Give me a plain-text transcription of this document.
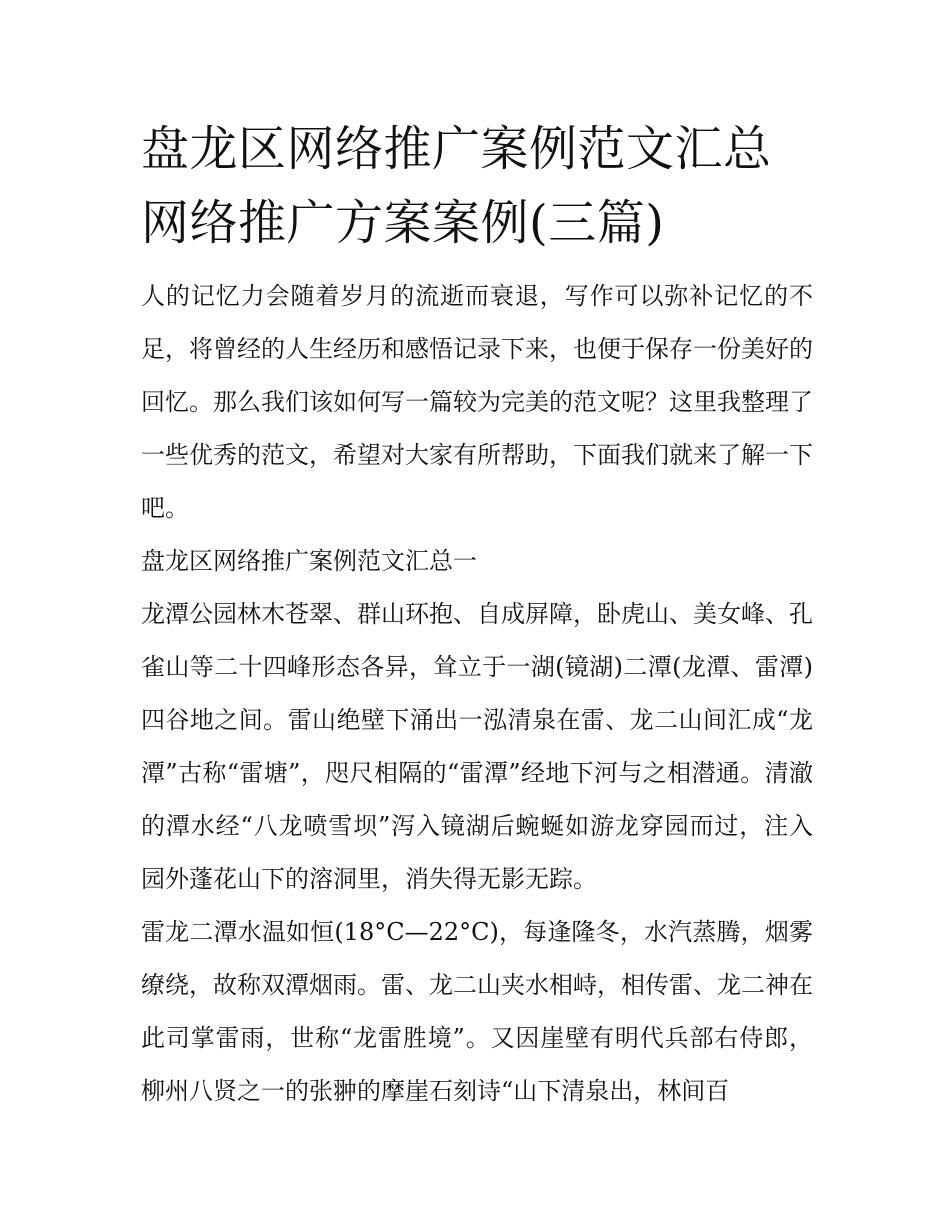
盘龙区网络推广案例范文汇总网络推广方案案例(三篇)

人的记忆力会随着岁月的流逝而衰退，写作可以弥补记忆的不足，将曾经的人生经历和感悟记录下来，也便于保存一份美好的回忆。那么我们该如何写一篇较为完美的范文呢？这里我整理了一些优秀的范文，希望对大家有所帮助，下面我们就来了解一下吧。

盘龙区网络推广案例范文汇总一

龙潭公园林木苍翠、群山环抱、自成屏障，卧虎山、美女峰、孔雀山等二十四峰形态各异，耸立于一湖(镜湖)二潭(龙潭、雷潭)四谷地之间。雷山绝壁下涌出一泓清泉在雷、龙二山间汇成“龙潭”古称“雷塘”，咫尺相隔的“雷潭”经地下河与之相潜通。清澈的潭水经“八龙喷雪坝”泻入镜湖后蜿蜒如游龙穿园而过，注入园外蓬花山下的溶洞里，消失得无影无踪。

雷龙二潭水温如恒(18°C—22°C)，每逢隆冬，水汽蒸腾，烟雾缭绕，故称双潭烟雨。雷、龙二山夹水相峙，相传雷、龙二神在此司掌雷雨，世称“龙雷胜境”。又因崖壁有明代兵部右侍郎，柳州八贤之一的张翀的摩崖石刻诗“山下清泉出，林间百
